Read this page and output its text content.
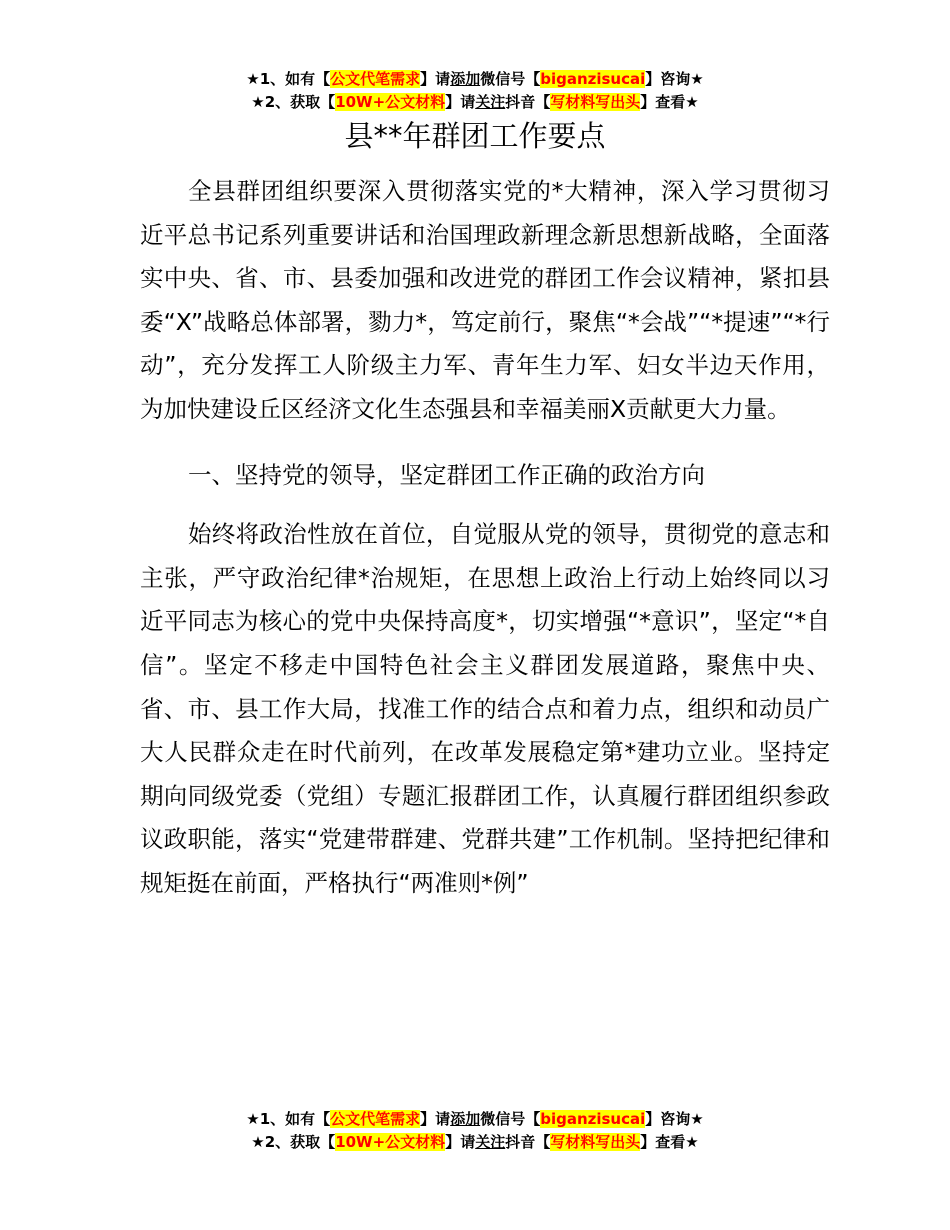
★1、如有【公文代笔需求】请添加微信号【biganzisucai】咨询★
★2、获取【10W+公文材料】请关注抖音【写材料写出头】查看★
县**年群团工作要点

全县群团组织要深入贯彻落实党的*大精神，深入学习贯彻习近平总书记系列重要讲话和治国理政新理念新思想新战略，全面落实中央、省、市、县委加强和改进党的群团工作会议精神，紧扣县委“X”战略总体部署，勠力*，笃定前行，聚焦“*会战”“*提速”“*行动”，充分发挥工人阶级主力军、青年生力军、妇女半边天作用，为加快建设丘区经济文化生态强县和幸福美丽X贡献更大力量。

一、坚持党的领导，坚定群团工作正确的政治方向

始终将政治性放在首位，自觉服从党的领导，贯彻党的意志和主张，严守政治纪律*治规矩，在思想上政治上行动上始终同以习近平同志为核心的党中央保持高度*，切实增强“*意识”，坚定“*自信”。坚定不移走中国特色社会主义群团发展道路，聚焦中央、省、市、县工作大局，找准工作的结合点和着力点，组织和动员广大人民群众走在时代前列，在改革发展稳定第*建功立业。坚持定期向同级党委（党组）专题汇报群团工作，认真履行群团组织参政议政职能，落实“党建带群建、党群共建”工作机制。坚持把纪律和规矩挺在前面，严格执行“两准则*例”

★1、如有【公文代笔需求】请添加微信号【biganzisucai】咨询★
★2、获取【10W+公文材料】请关注抖音【写材料写出头】查看★
